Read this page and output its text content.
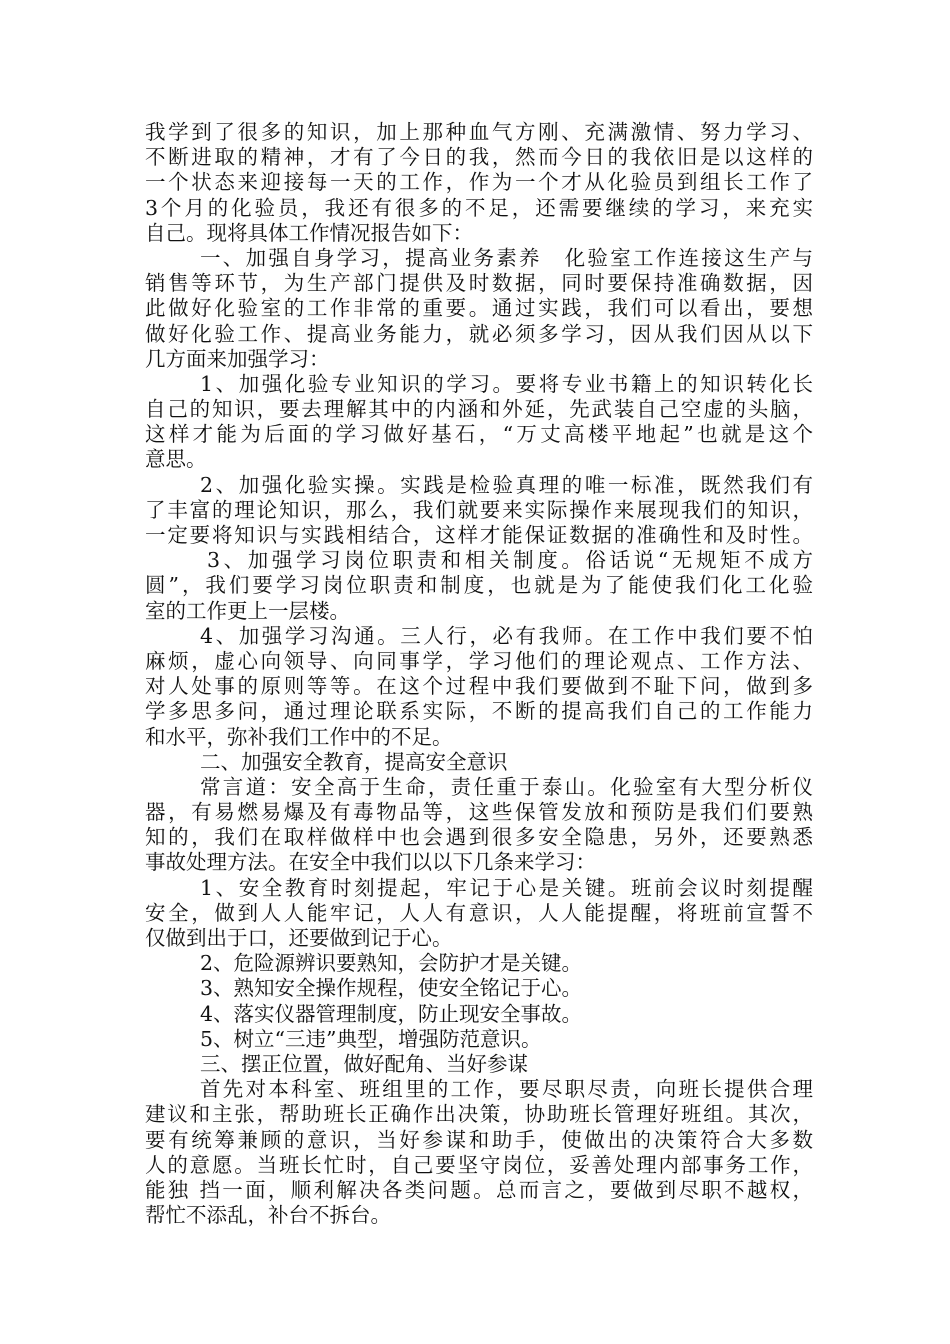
我学到了很多的知识，加上那种血气方刚、充满激情、努力学习、
不断进取的精神，才有了今日的我，然而今日的我依旧是以这样的
一个状态来迎接每一天的工作，作为一个才从化验员到组长工作了
3个月的化验员，我还有很多的不足，还需要继续的学习，来充实
自己。现将具体工作情况报告如下：
一、加强自身学习，提高业务素养　化验室工作连接这生产与
销售等环节，为生产部门提供及时数据，同时要保持准确数据，因
此做好化验室的工作非常的重要。通过实践，我们可以看出，要想
做好化验工作、提高业务能力，就必须多学习，因从我们因从以下
几方面来加强学习：
1、加强化验专业知识的学习。要将专业书籍上的知识转化长
自己的知识，要去理解其中的内涵和外延，先武装自己空虚的头脑，
这样才能为后面的学习做好基石，“万丈高楼平地起”也就是这个
意思。
2、加强化验实操。实践是检验真理的唯一标准，既然我们有
了丰富的理论知识，那么，我们就要来实际操作来展现我们的知识，
一定要将知识与实践相结合，这样才能保证数据的准确性和及时性。
3、加强学习岗位职责和相关制度。俗话说“无规矩不成方
圆”，我们要学习岗位职责和制度，也就是为了能使我们化工化验
室的工作更上一层楼。
4、加强学习沟通。三人行，必有我师。在工作中我们要不怕
麻烦，虚心向领导、向同事学，学习他们的理论观点、工作方法、
对人处事的原则等等。在这个过程中我们要做到不耻下问，做到多
学多思多问，通过理论联系实际，不断的提高我们自己的工作能力
和水平，弥补我们工作中的不足。
二、加强安全教育，提高安全意识
常言道：安全高于生命，责任重于泰山。化验室有大型分析仪
器，有易燃易爆及有毒物品等，这些保管发放和预防是我们们要熟
知的，我们在取样做样中也会遇到很多安全隐患，另外，还要熟悉
事故处理方法。在安全中我们以以下几条来学习：
1、安全教育时刻提起，牢记于心是关键。班前会议时刻提醒
安全，做到人人能牢记，人人有意识，人人能提醒，将班前宣誓不
仅做到出于口，还要做到记于心。
2、危险源辨识要熟知，会防护才是关键。
3、熟知安全操作规程，使安全铭记于心。
4、落实仪器管理制度，防止现安全事故。
5、树立“三违”典型，增强防范意识。
三、摆正位置，做好配角、当好参谋
首先对本科室、班组里的工作，要尽职尽责，向班长提供合理
建议和主张，帮助班长正确作出决策，协助班长管理好班组。其次，
要有统筹兼顾的意识，当好参谋和助手，使做出的决策符合大多数
人的意愿。当班长忙时，自己要坚守岗位，妥善处理内部事务工作，
能独 挡一面，顺利解决各类问题。总而言之，要做到尽职不越权，
帮忙不添乱，补台不拆台。
